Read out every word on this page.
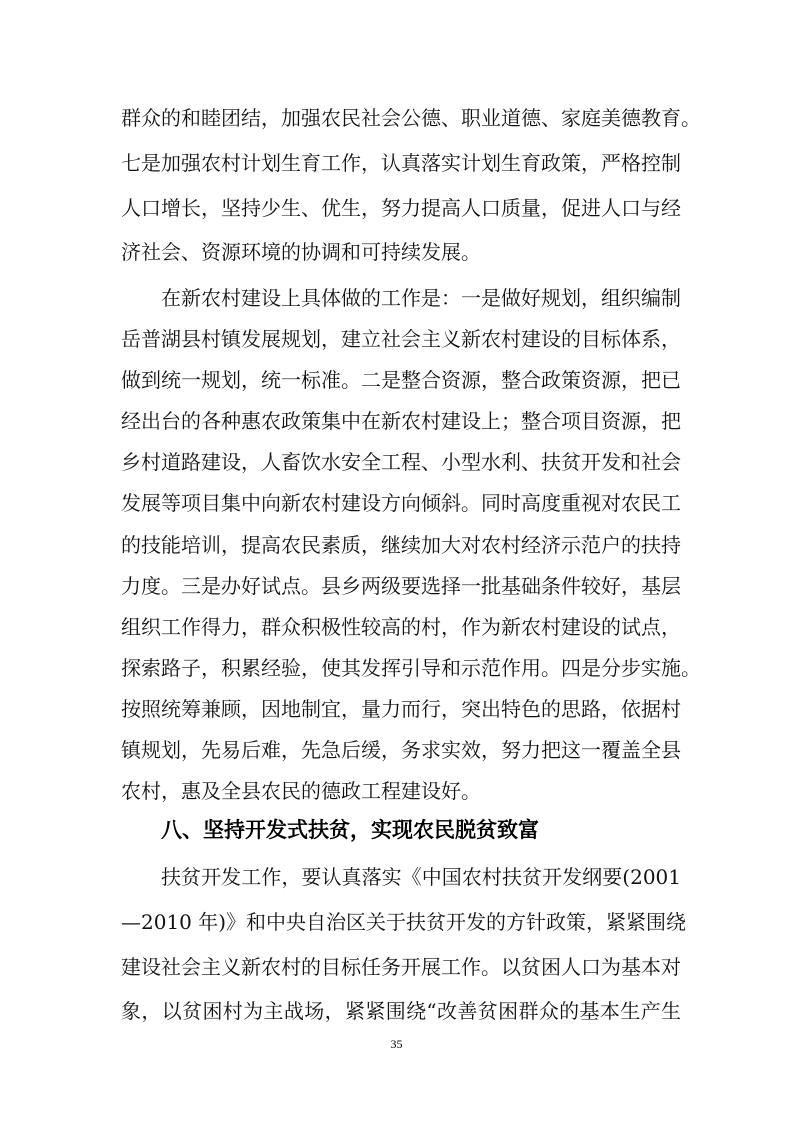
群众的和睦团结，加强农民社会公德、职业道德、家庭美德教育。
七是加强农村计划生育工作，认真落实计划生育政策，严格控制
人口增长，坚持少生、优生，努力提高人口质量，促进人口与经
济社会、资源环境的协调和可持续发展。
在新农村建设上具体做的工作是：一是做好规划，组织编制
岳普湖县村镇发展规划，建立社会主义新农村建设的目标体系，
做到统一规划，统一标准。二是整合资源，整合政策资源，把已
经出台的各种惠农政策集中在新农村建设上；整合项目资源，把
乡村道路建设，人畜饮水安全工程、小型水利、扶贫开发和社会
发展等项目集中向新农村建设方向倾斜。同时高度重视对农民工
的技能培训，提高农民素质，继续加大对农村经济示范户的扶持
力度。三是办好试点。县乡两级要选择一批基础条件较好，基层
组织工作得力，群众积极性较高的村，作为新农村建设的试点，
探索路子，积累经验，使其发挥引导和示范作用。四是分步实施。
按照统筹兼顾，因地制宜，量力而行，突出特色的思路，依据村
镇规划，先易后难，先急后缓，务求实效，努力把这一覆盖全县
农村，惠及全县农民的德政工程建设好。
八、坚持开发式扶贫，实现农民脱贫致富
扶贫开发工作，要认真落实《中国农村扶贫开发纲要(2001
—2010 年)》和中央自治区关于扶贫开发的方针政策，紧紧围绕
建设社会主义新农村的目标任务开展工作。以贫困人口为基本对
象，以贫困村为主战场，紧紧围绕“改善贫困群众的基本生产生
35
